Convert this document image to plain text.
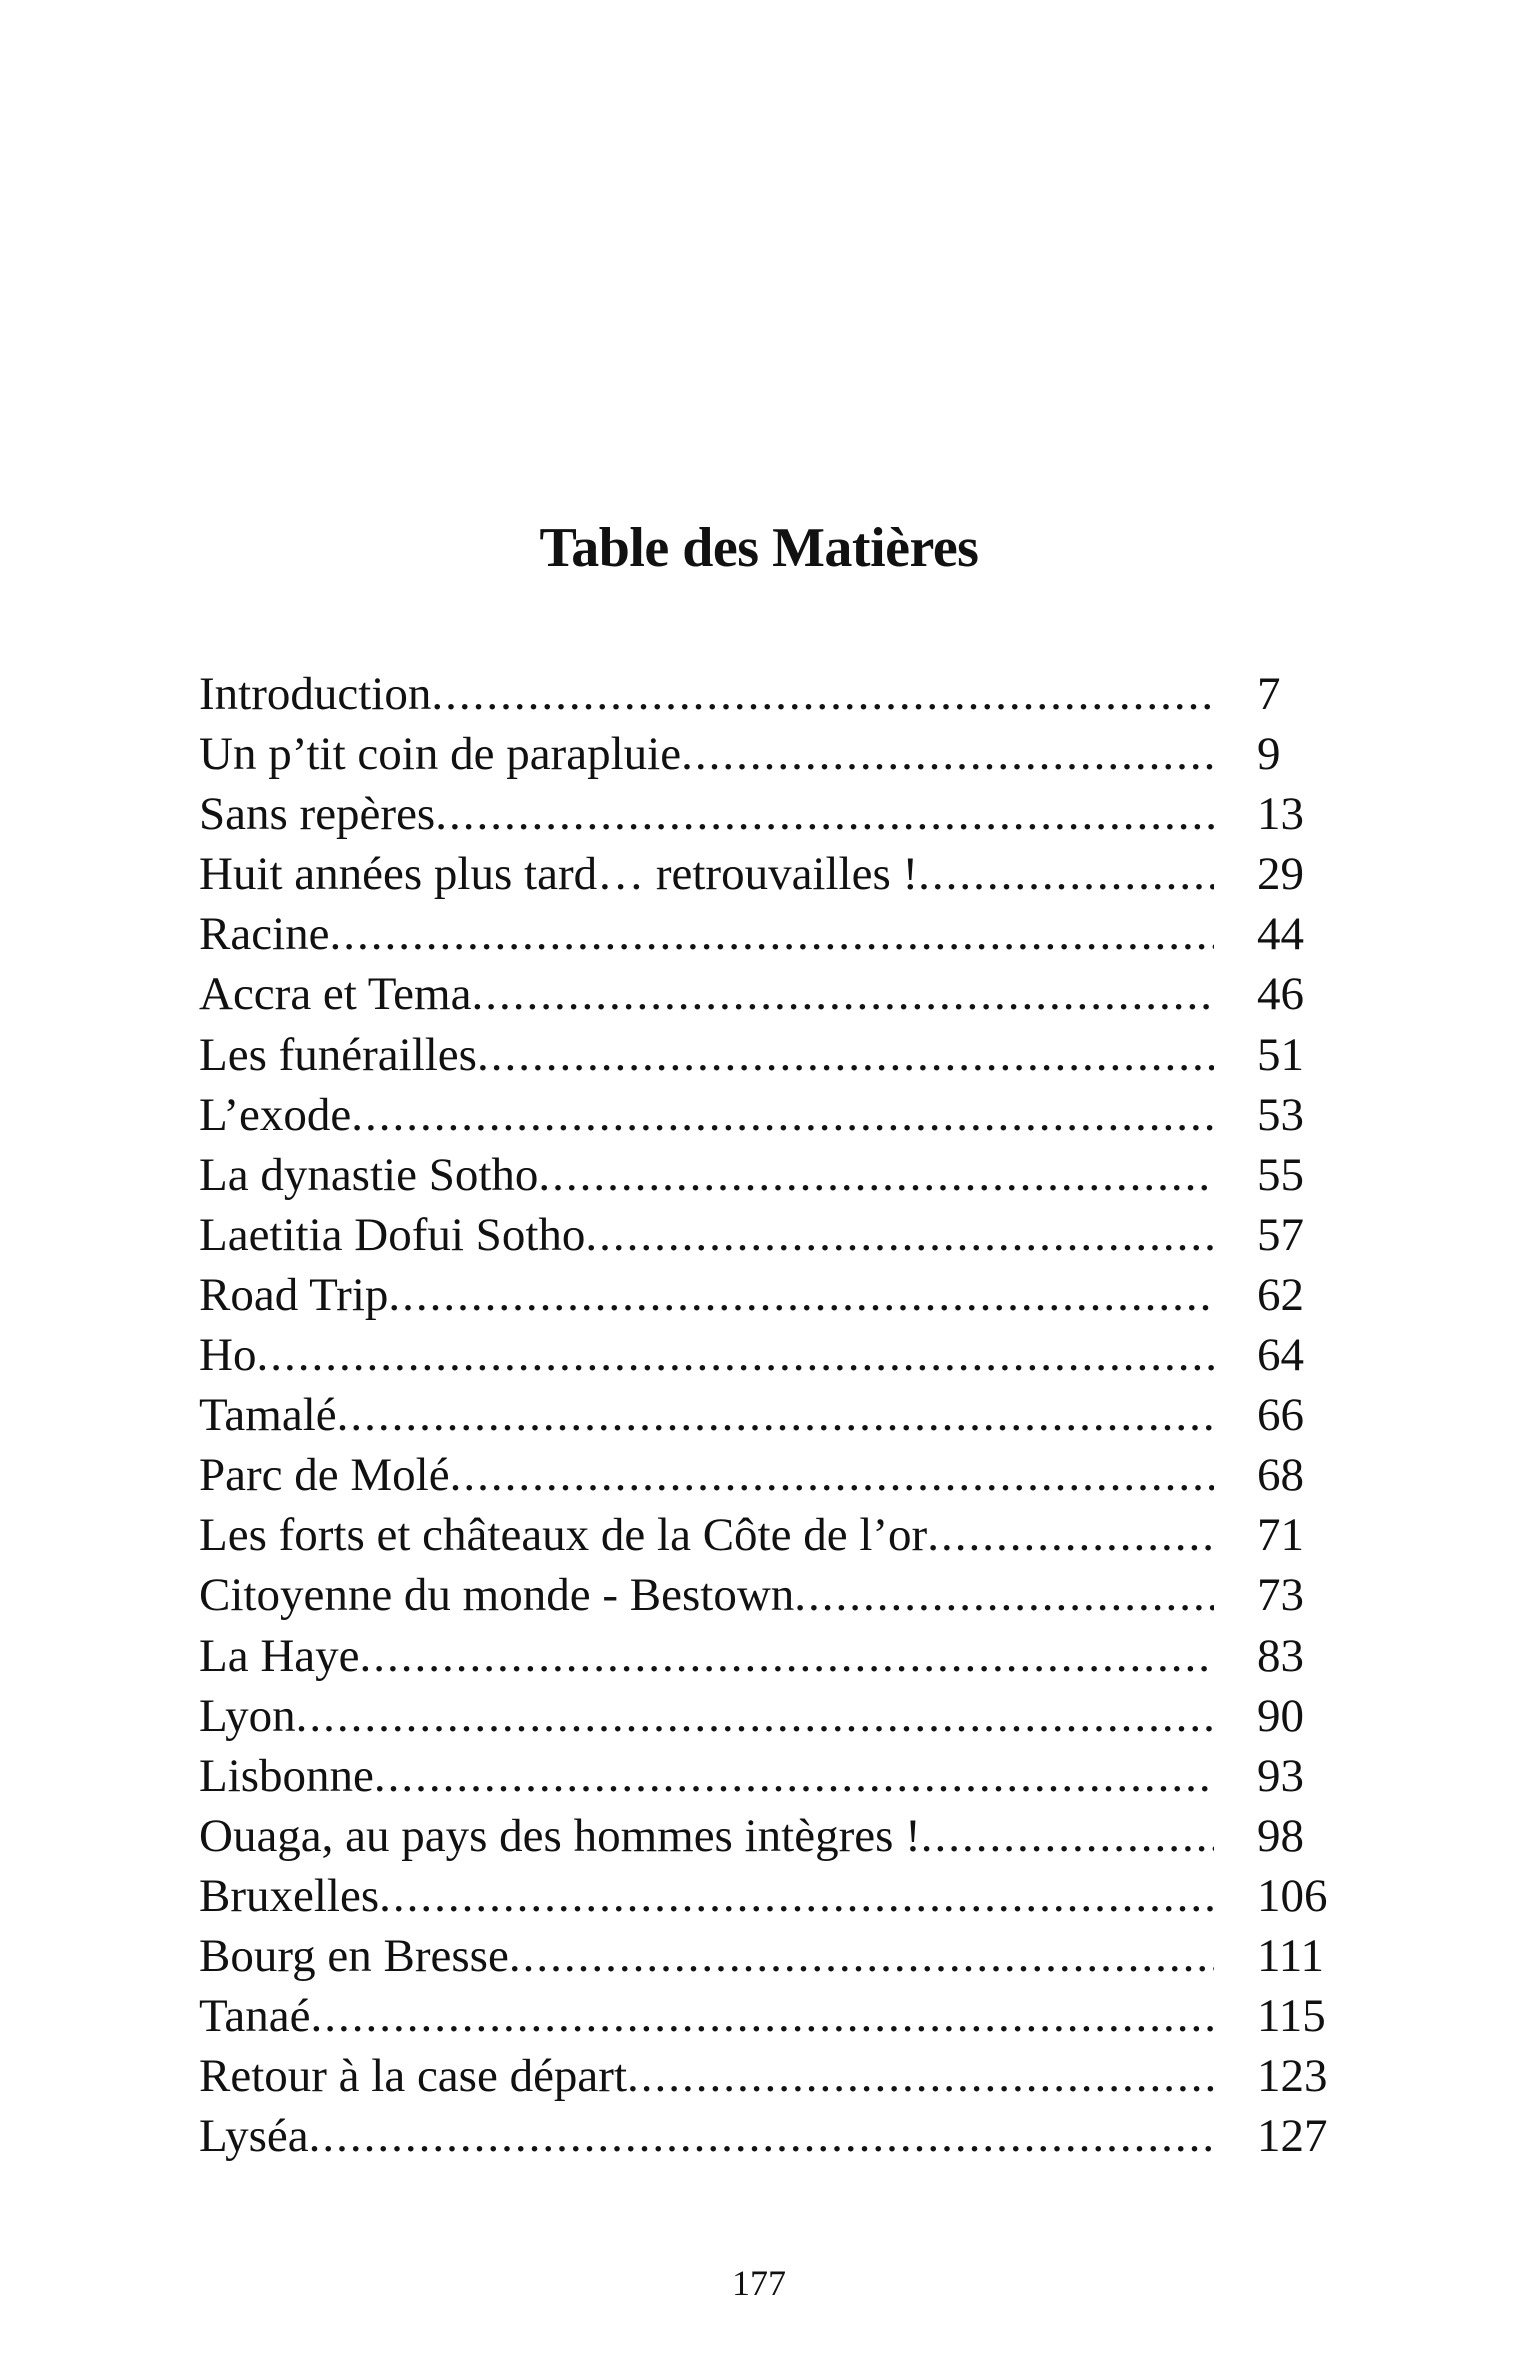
Table des Matières
Introduction .....	7
Un p’tit coin de parapluie .....	9
Sans repères .....	13
Huit années plus tard… retrouvailles ! .....	29
Racine .....	44
Accra et Tema .....	46
Les funérailles .....	51
L’exode .....	53
La dynastie Sotho .....	55
Laetitia Dofui Sotho .....	57
Road Trip .....	62
Ho .....	64
Tamalé .....	66
Parc de Molé .....	68
Les forts et châteaux de la Côte de l’or .....	71
Citoyenne du monde - Bestown .....	73
La Haye .....	83
Lyon .....	90
Lisbonne .....	93
Ouaga, au pays des hommes intègres ! .....	98
Bruxelles .....	106
Bourg en Bresse .....	111
Tanaé .....	115
Retour à la case départ .....	123
Lyséa .....	127
177
